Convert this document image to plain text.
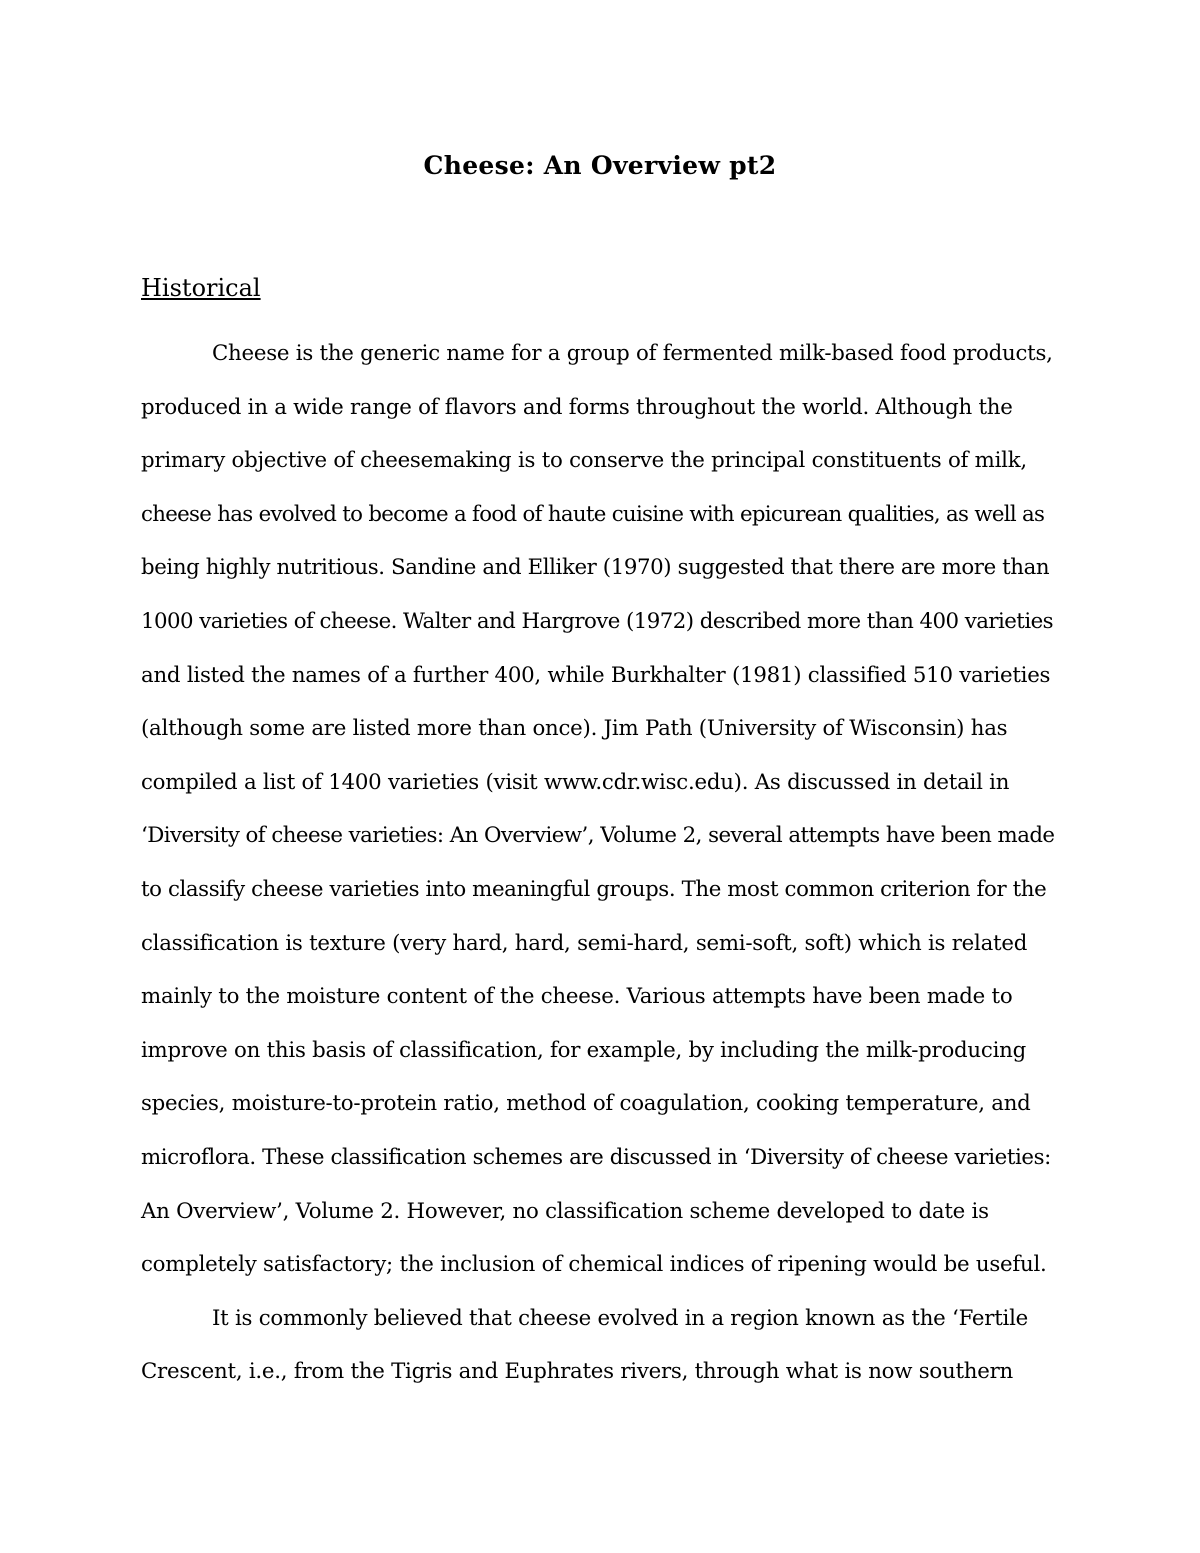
Cheese: An Overview pt2
Historical
Cheese is the generic name for a group of fermented milk-based food products,
produced in a wide range of flavors and forms throughout the world. Although the
primary objective of cheesemaking is to conserve the principal constituents of milk,
cheese has evolved to become a food of haute cuisine with epicurean qualities, as well as
being highly nutritious. Sandine and Elliker (1970) suggested that there are more than
1000 varieties of cheese. Walter and Hargrove (1972) described more than 400 varieties
and listed the names of a further 400, while Burkhalter (1981) classified 510 varieties
(although some are listed more than once). Jim Path (University of Wisconsin) has
compiled a list of 1400 varieties (visit www.cdr.wisc.edu). As discussed in detail in
‘Diversity of cheese varieties: An Overview’, Volume 2, several attempts have been made
to classify cheese varieties into meaningful groups. The most common criterion for the
classification is texture (very hard, hard, semi-hard, semi-soft, soft) which is related
mainly to the moisture content of the cheese. Various attempts have been made to
improve on this basis of classification, for example, by including the milk-producing
species, moisture-to-protein ratio, method of coagulation, cooking temperature, and
microflora. These classification schemes are discussed in ‘Diversity of cheese varieties:
An Overview’, Volume 2. However, no classification scheme developed to date is
completely satisfactory; the inclusion of chemical indices of ripening would be useful.
It is commonly believed that cheese evolved in a region known as the ‘Fertile
Crescent, i.e., from the Tigris and Euphrates rivers, through what is now southern
